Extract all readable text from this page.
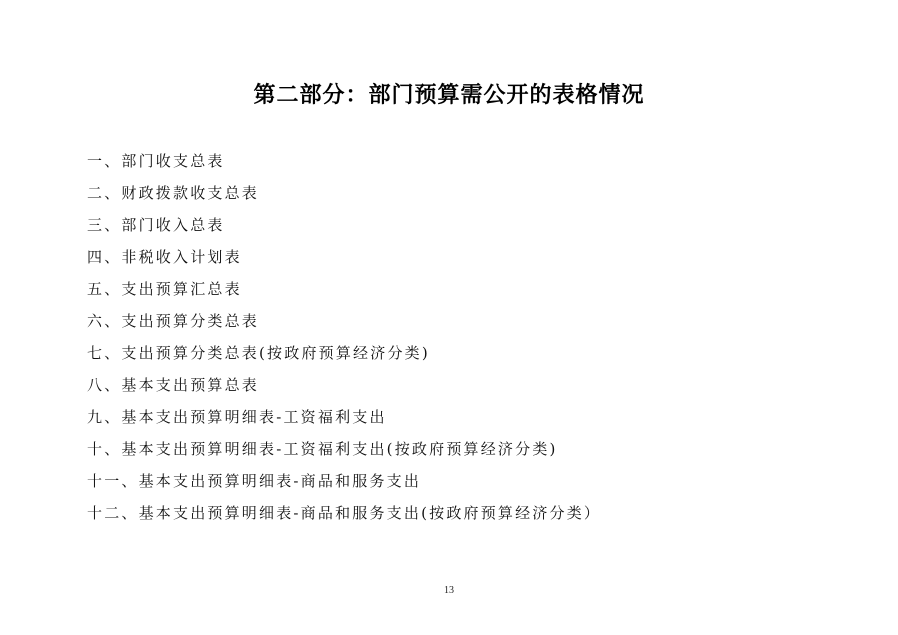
第二部分：部门预算需公开的表格情况
一、部门收支总表
二、财政拨款收支总表
三、部门收入总表
四、非税收入计划表
五、支出预算汇总表
六、支出预算分类总表
七、支出预算分类总表(按政府预算经济分类)
八、基本支出预算总表
九、基本支出预算明细表-工资福利支出
十、基本支出预算明细表-工资福利支出(按政府预算经济分类)
十一、基本支出预算明细表-商品和服务支出
十二、基本支出预算明细表-商品和服务支出(按政府预算经济分类）
13
